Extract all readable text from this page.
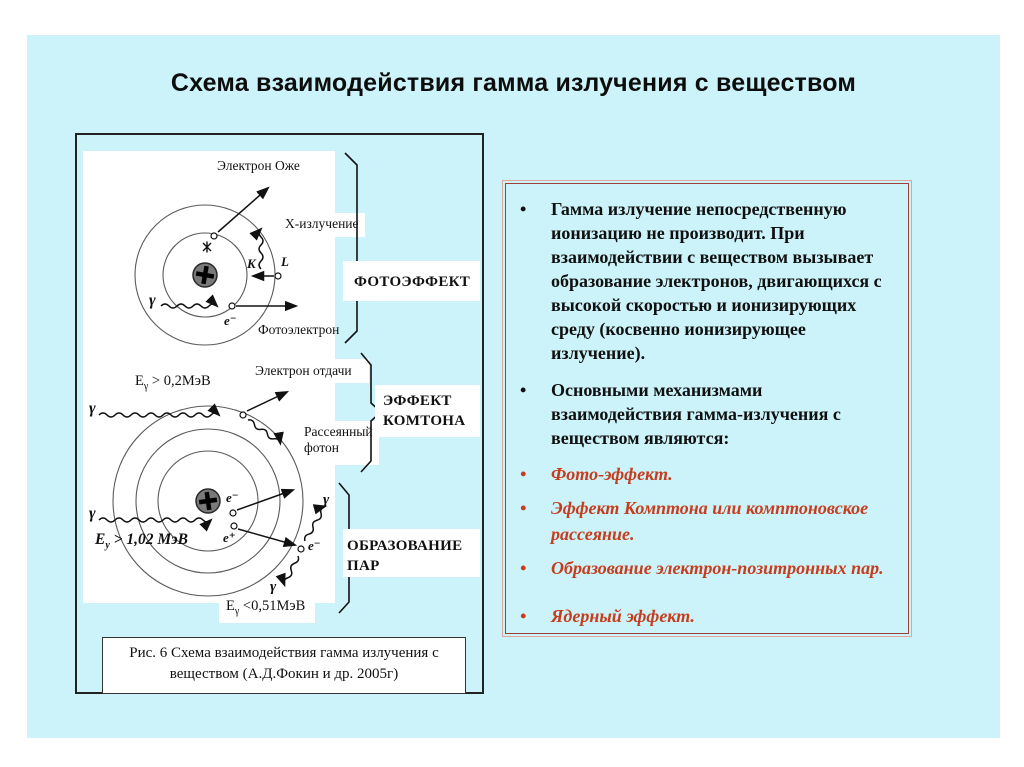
Схема взаимодействия гамма излучения с веществом
Электрон Оже
X-излучение
K L
γ
e⁻
Фотоэлектрон
ФОТОЭФФЕКТ
$E_\gamma > 0,2МэВ$
γ
Электрон отдачи
Рассеянный
фотон
ЭФФЕКТ
КОМТОНА
γ
$E_y > 1,02$ МэВ
e⁻
e⁺
e⁻
γ
γ
$E_\gamma <0,51МэВ$
ОБРАЗОВАНИЕ
ПАР
Рис. 6 Схема взаимодействия гамма излучения с веществом (А.Д.Фокин и др. 2005г)
• Гамма излучение непосредственную ионизацию не производит. При взаимодействии с веществом вызывает образование электронов, двигающихся с высокой скоростью и ионизирующих среду (косвенно ионизирующее излучение).
• Основными механизмами взаимодействия гамма-излучения с веществом являются:
• Фото-эффект.
• Эффект Комптона или комптоновское рассеяние.
• Образование электрон-позитронных пар.
• Ядерный эффект.
